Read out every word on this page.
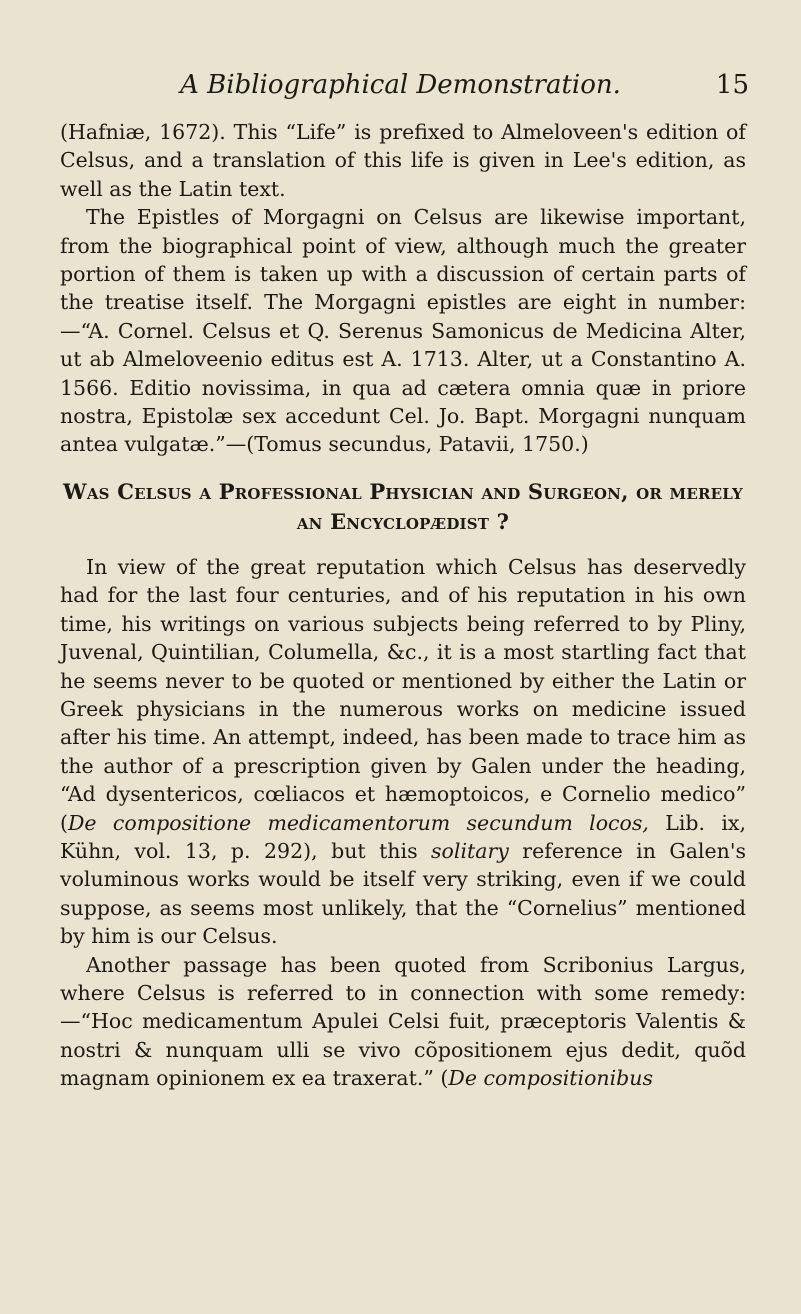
A Bibliographical Demonstration.	15

(Hafniæ, 1672). This “Life” is prefixed to Almeloveen's edition of Celsus, and a translation of this life is given in Lee's edition, as well as the Latin text.

The Epistles of Morgagni on Celsus are likewise important, from the biographical point of view, although much the greater portion of them is taken up with a discussion of certain parts of the treatise itself. The Morgagni epistles are eight in number:—“A. Cornel. Celsus et Q. Serenus Samonicus de Medicina Alter, ut ab Almeloveenio editus est A. 1713. Alter, ut a Constantino A. 1566. Editio novissima, in qua ad cætera omnia quæ in priore nostra, Epistolæ sex accedunt Cel. Jo. Bapt. Morgagni nunquam antea vulgatæ.”—(Tomus secundus, Patavii, 1750.)

Was Celsus a Professional Physician and Surgeon, or merely an Encyclopædist ?

In view of the great reputation which Celsus has deservedly had for the last four centuries, and of his reputation in his own time, his writings on various subjects being referred to by Pliny, Juvenal, Quintilian, Columella, &c., it is a most startling fact that he seems never to be quoted or mentioned by either the Latin or Greek physicians in the numerous works on medicine issued after his time. An attempt, indeed, has been made to trace him as the author of a prescription given by Galen under the heading, “Ad dysentericos, cœliacos et hæmoptoicos, e Cornelio medico” (De compositione medicamentorum secundum locos, Lib. ix, Kühn, vol. 13, p. 292), but this solitary reference in Galen's voluminous works would be itself very striking, even if we could suppose, as seems most unlikely, that the “Cornelius” mentioned by him is our Celsus.

Another passage has been quoted from Scribonius Largus, where Celsus is referred to in connection with some remedy:—“Hoc medicamentum Apulei Celsi fuit, præceptoris Valentis & nostri & nunquam ulli se vivo cõpositionem ejus dedit, quõd magnam opinionem ex ea traxerat.” (De compositionibus
